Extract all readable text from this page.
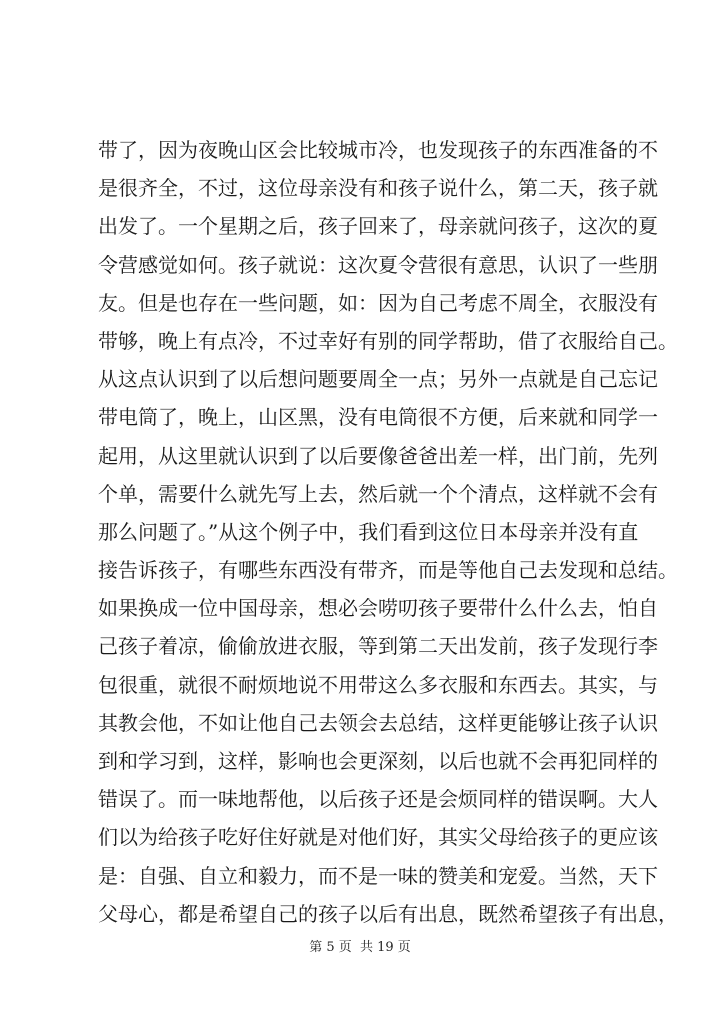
带了，因为夜晚山区会比较城市冷，也发现孩子的东西准备的不
是很齐全，不过，这位母亲没有和孩子说什么，第二天，孩子就
出发了。一个星期之后，孩子回来了，母亲就问孩子，这次的夏
令营感觉如何。孩子就说：这次夏令营很有意思，认识了一些朋
友。但是也存在一些问题，如：因为自己考虑不周全，衣服没有
带够，晚上有点冷，不过幸好有别的同学帮助，借了衣服给自己。
从这点认识到了以后想问题要周全一点；另外一点就是自己忘记
带电筒了，晚上，山区黑，没有电筒很不方便，后来就和同学一
起用，从这里就认识到了以后要像爸爸出差一样，出门前，先列
个单，需要什么就先写上去，然后就一个个清点，这样就不会有
那么问题了。”从这个例子中，我们看到这位日本母亲并没有直
接告诉孩子，有哪些东西没有带齐，而是等他自己去发现和总结。
如果换成一位中国母亲，想必会唠叨孩子要带什么什么去，怕自
己孩子着凉，偷偷放进衣服，等到第二天出发前，孩子发现行李
包很重，就很不耐烦地说不用带这么多衣服和东西去。其实，与
其教会他，不如让他自己去领会去总结，这样更能够让孩子认识
到和学习到，这样，影响也会更深刻，以后也就不会再犯同样的
错误了。而一味地帮他，以后孩子还是会烦同样的错误啊。大人
们以为给孩子吃好住好就是对他们好，其实父母给孩子的更应该
是：自强、自立和毅力，而不是一味的赞美和宠爱。当然，天下
父母心，都是希望自己的孩子以后有出息，既然希望孩子有出息，
第 5 页 共 19 页
